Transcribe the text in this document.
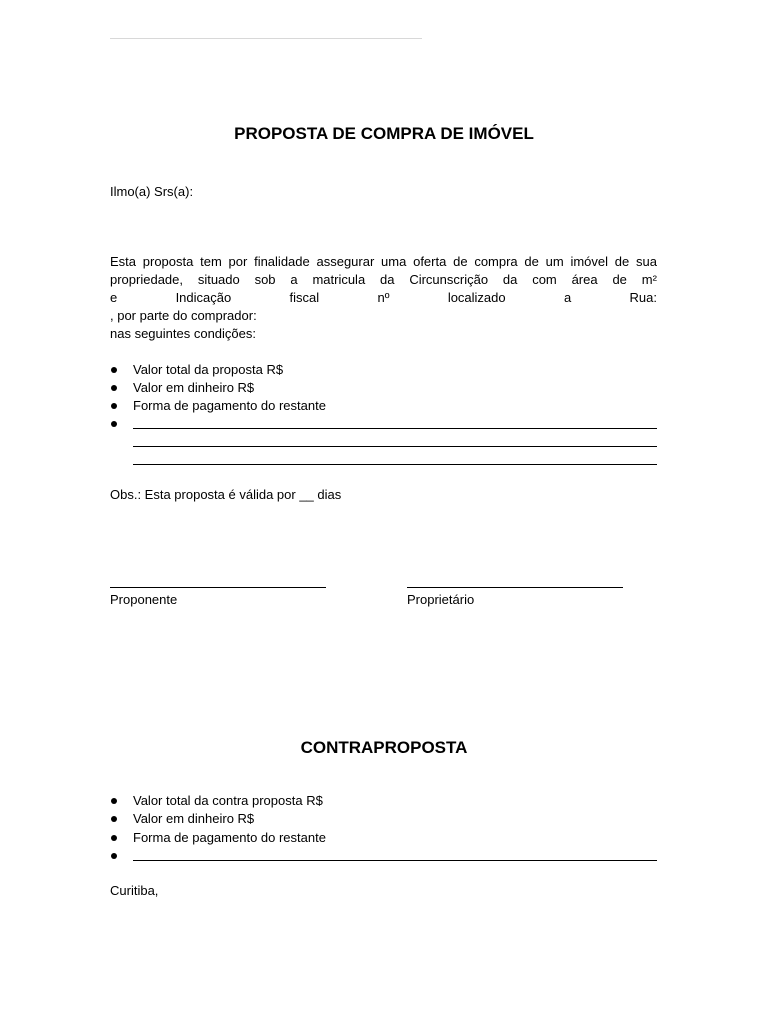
PROPOSTA DE COMPRA DE IMÓVEL
Ilmo(a) Srs(a):
Esta proposta tem por finalidade assegurar uma oferta de compra de um imóvel de sua
propriedade, situado sob a matricula da Circunscrição da com área de m²
e	Indicação	fiscal	nº	localizado	a	Rua:
, por parte do comprador:
nas seguintes condições:
Valor total da proposta R$
Valor em dinheiro R$
Forma de pagamento do restante
Obs.: Esta proposta é válida por __ dias
Proponente	Proprietário
CONTRAPROPOSTA
Valor total da contra proposta R$
Valor em dinheiro R$
Forma de pagamento do restante
Curitiba,
